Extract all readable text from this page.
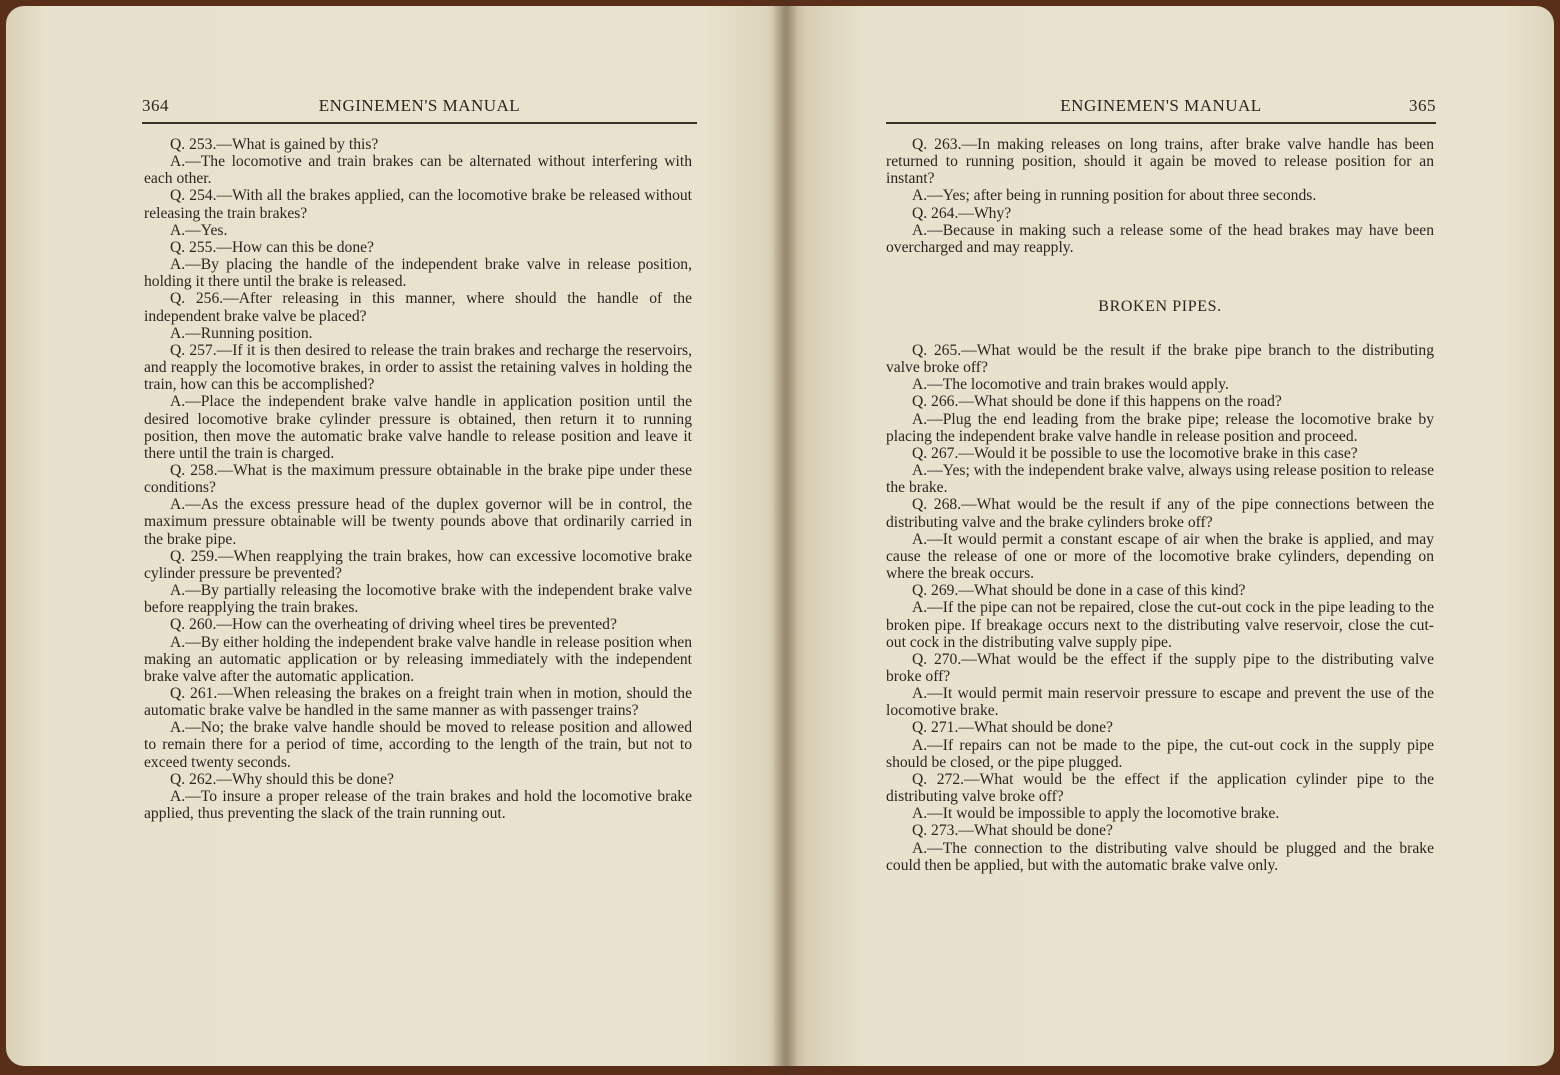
364	ENGINEMEN'S MANUAL

Q. 253.—What is gained by this?

A.—The locomotive and train brakes can be alternated without interfering with each other.

Q. 254.—With all the brakes applied, can the locomotive brake be released without releasing the train brakes?

A.—Yes.

Q. 255.—How can this be done?

A.—By placing the handle of the independent brake valve in release position, holding it there until the brake is released.

Q. 256.—After releasing in this manner, where should the handle of the independent brake valve be placed?

A.—Running position.

Q. 257.—If it is then desired to release the train brakes and recharge the reservoirs, and reapply the locomotive brakes, in order to assist the retaining valves in holding the train, how can this be accomplished?

A.—Place the independent brake valve handle in application position until the desired locomotive brake cylinder pressure is obtained, then return it to running position, then move the automatic brake valve handle to release position and leave it there until the train is charged.

Q. 258.—What is the maximum pressure obtainable in the brake pipe under these conditions?

A.—As the excess pressure head of the duplex governor will be in control, the maximum pressure obtainable will be twenty pounds above that ordinarily carried in the brake pipe.

Q. 259.—When reapplying the train brakes, how can excessive locomotive brake cylinder pressure be prevented?

A.—By partially releasing the locomotive brake with the independent brake valve before reapplying the train brakes.

Q. 260.—How can the overheating of driving wheel tires be prevented?

A.—By either holding the independent brake valve handle in release position when making an automatic application or by releasing immediately with the independent brake valve after the automatic application.

Q. 261.—When releasing the brakes on a freight train when in motion, should the automatic brake valve be handled in the same manner as with passenger trains?

A.—No; the brake valve handle should be moved to release position and allowed to remain there for a period of time, according to the length of the train, but not to exceed twenty seconds.

Q. 262.—Why should this be done?

A.—To insure a proper release of the train brakes and hold the locomotive brake applied, thus preventing the slack of the train running out.

ENGINEMEN'S MANUAL	365

Q. 263.—In making releases on long trains, after brake valve handle has been returned to running position, should it again be moved to release position for an instant?

A.—Yes; after being in running position for about three seconds.

Q. 264.—Why?

A.—Because in making such a release some of the head brakes may have been overcharged and may reapply.

BROKEN PIPES.

Q. 265.—What would be the result if the brake pipe branch to the distributing valve broke off?

A.—The locomotive and train brakes would apply.

Q. 266.—What should be done if this happens on the road?

A.—Plug the end leading from the brake pipe; release the locomotive brake by placing the independent brake valve handle in release position and proceed.

Q. 267.—Would it be possible to use the locomotive brake in this case?

A.—Yes; with the independent brake valve, always using release position to release the brake.

Q. 268.—What would be the result if any of the pipe connections between the distributing valve and the brake cylinders broke off?

A.—It would permit a constant escape of air when the brake is applied, and may cause the release of one or more of the locomotive brake cylinders, depending on where the break occurs.

Q. 269.—What should be done in a case of this kind?

A.—If the pipe can not be repaired, close the cut-out cock in the pipe leading to the broken pipe. If breakage occurs next to the distributing valve reservoir, close the cut-out cock in the distributing valve supply pipe.

Q. 270.—What would be the effect if the supply pipe to the distributing valve broke off?

A.—It would permit main reservoir pressure to escape and prevent the use of the locomotive brake.

Q. 271.—What should be done?

A.—If repairs can not be made to the pipe, the cut-out cock in the supply pipe should be closed, or the pipe plugged.

Q. 272.—What would be the effect if the application cylinder pipe to the distributing valve broke off?

A.—It would be impossible to apply the locomotive brake.

Q. 273.—What should be done?

A.—The connection to the distributing valve should be plugged and the brake could then be applied, but with the automatic brake valve only.
